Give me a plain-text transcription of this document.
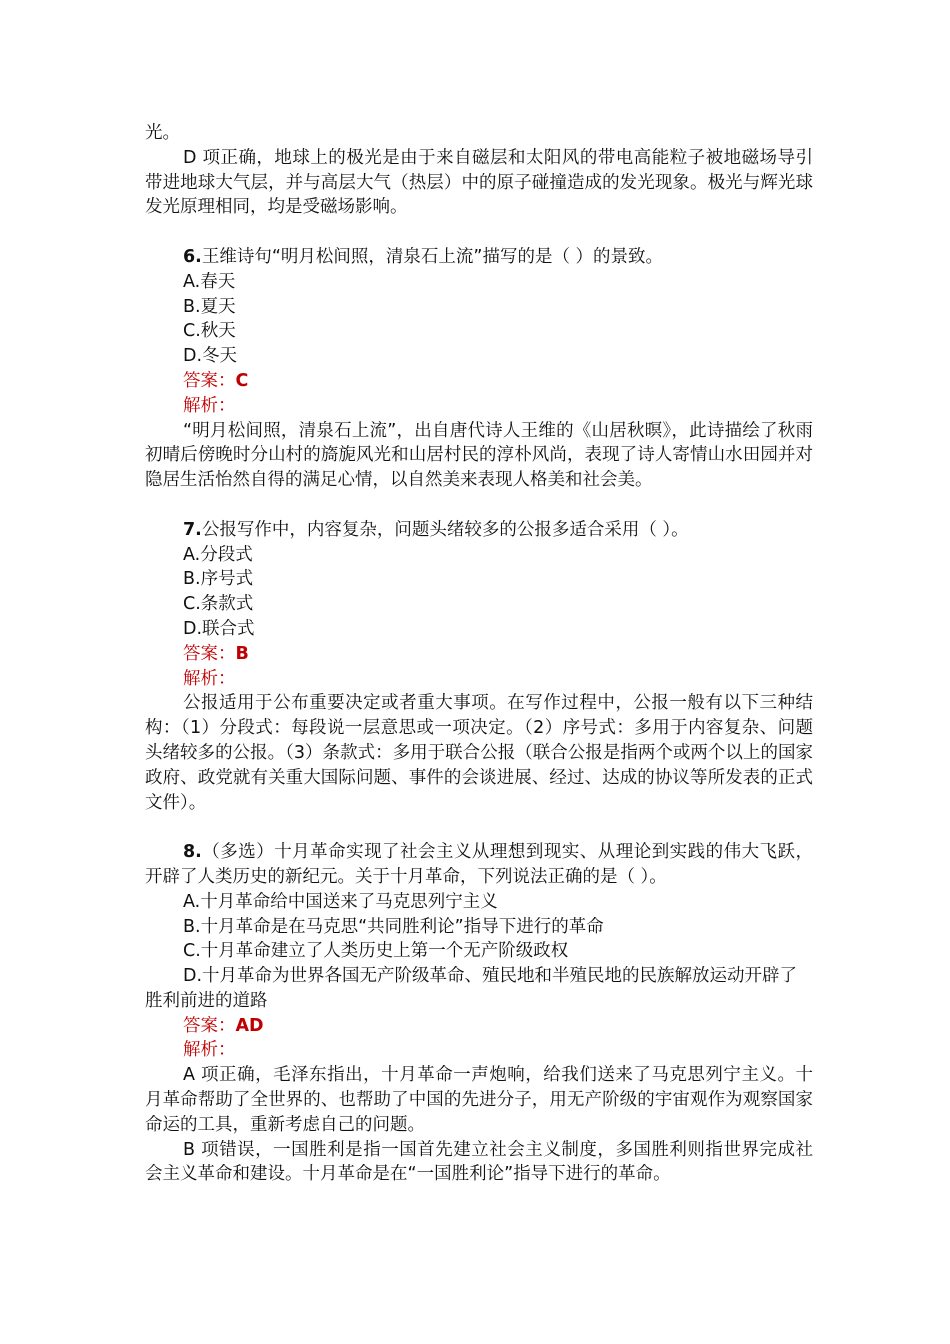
光。

D 项正确，地球上的极光是由于来自磁层和太阳风的带电高能粒子被地磁场导引带进地球大气层，并与高层大气（热层）中的原子碰撞造成的发光现象。极光与辉光球发光原理相同，均是受磁场影响。

6.王维诗句“明月松间照，清泉石上流”描写的是（ ）的景致。

A.春天

B.夏天

C.秋天

D.冬天

答案：C

解析：

“明月松间照，清泉石上流”，出自唐代诗人王维的《山居秋暝》，此诗描绘了秋雨初晴后傍晚时分山村的旖旎风光和山居村民的淳朴风尚，表现了诗人寄情山水田园并对隐居生活怡然自得的满足心情，以自然美来表现人格美和社会美。

7.公报写作中，内容复杂，问题头绪较多的公报多适合采用（ ）。

A.分段式

B.序号式

C.条款式

D.联合式

答案：B

解析：

公报适用于公布重要决定或者重大事项。在写作过程中，公报一般有以下三种结构：（1）分段式：每段说一层意思或一项决定。（2）序号式：多用于内容复杂、问题头绪较多的公报。（3）条款式：多用于联合公报（联合公报是指两个或两个以上的国家政府、政党就有关重大国际问题、事件的会谈进展、经过、达成的协议等所发表的正式文件）。

8.（多选）十月革命实现了社会主义从理想到现实、从理论到实践的伟大飞跃，开辟了人类历史的新纪元。关于十月革命，下列说法正确的是（ ）。

A.十月革命给中国送来了马克思列宁主义

B.十月革命是在马克思“共同胜利论”指导下进行的革命

C.十月革命建立了人类历史上第一个无产阶级政权

D.十月革命为世界各国无产阶级革命、殖民地和半殖民地的民族解放运动开辟了胜利前进的道路

答案：AD

解析：

A 项正确，毛泽东指出，十月革命一声炮响，给我们送来了马克思列宁主义。十月革命帮助了全世界的、也帮助了中国的先进分子，用无产阶级的宇宙观作为观察国家命运的工具，重新考虑自己的问题。

B 项错误，一国胜利是指一国首先建立社会主义制度，多国胜利则指世界完成社会主义革命和建设。十月革命是在“一国胜利论”指导下进行的革命。
